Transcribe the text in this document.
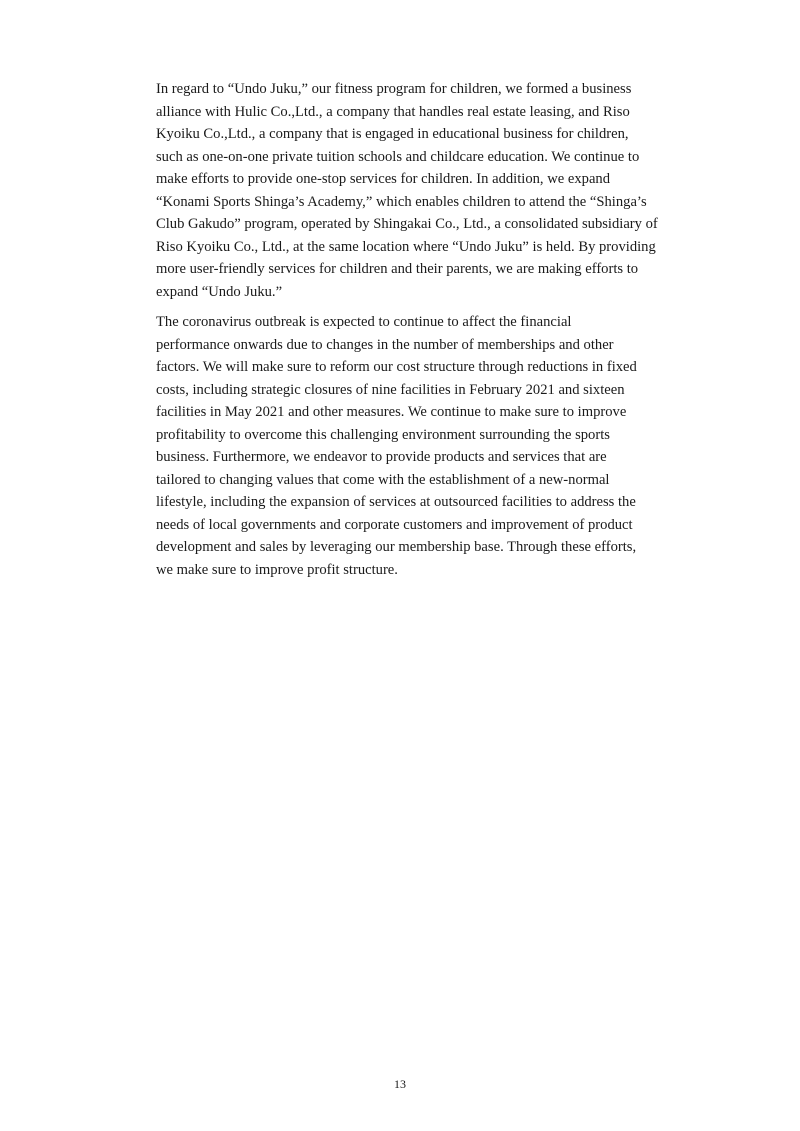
In regard to “Undo Juku,” our fitness program for children, we formed a business
alliance with Hulic Co.,Ltd., a company that handles real estate leasing, and Riso
Kyoiku Co.,Ltd., a company that is engaged in educational business for children,
such as one-on-one private tuition schools and childcare education. We continue to
make efforts to provide one-stop services for children. In addition, we expand
“Konami Sports Shinga’s Academy,” which enables children to attend the “Shinga’s
Club Gakudo” program, operated by Shingakai Co., Ltd., a consolidated subsidiary of
Riso Kyoiku Co., Ltd., at the same location where “Undo Juku” is held. By providing
more user-friendly services for children and their parents, we are making efforts to
expand “Undo Juku.”

The coronavirus outbreak is expected to continue to affect the financial
performance onwards due to changes in the number of memberships and other
factors. We will make sure to reform our cost structure through reductions in fixed
costs, including strategic closures of nine facilities in February 2021 and sixteen
facilities in May 2021 and other measures. We continue to make sure to improve
profitability to overcome this challenging environment surrounding the sports
business. Furthermore, we endeavor to provide products and services that are
tailored to changing values that come with the establishment of a new-normal
lifestyle, including the expansion of services at outsourced facilities to address the
needs of local governments and corporate customers and improvement of product
development and sales by leveraging our membership base. Through these efforts,
we make sure to improve profit structure.

13
